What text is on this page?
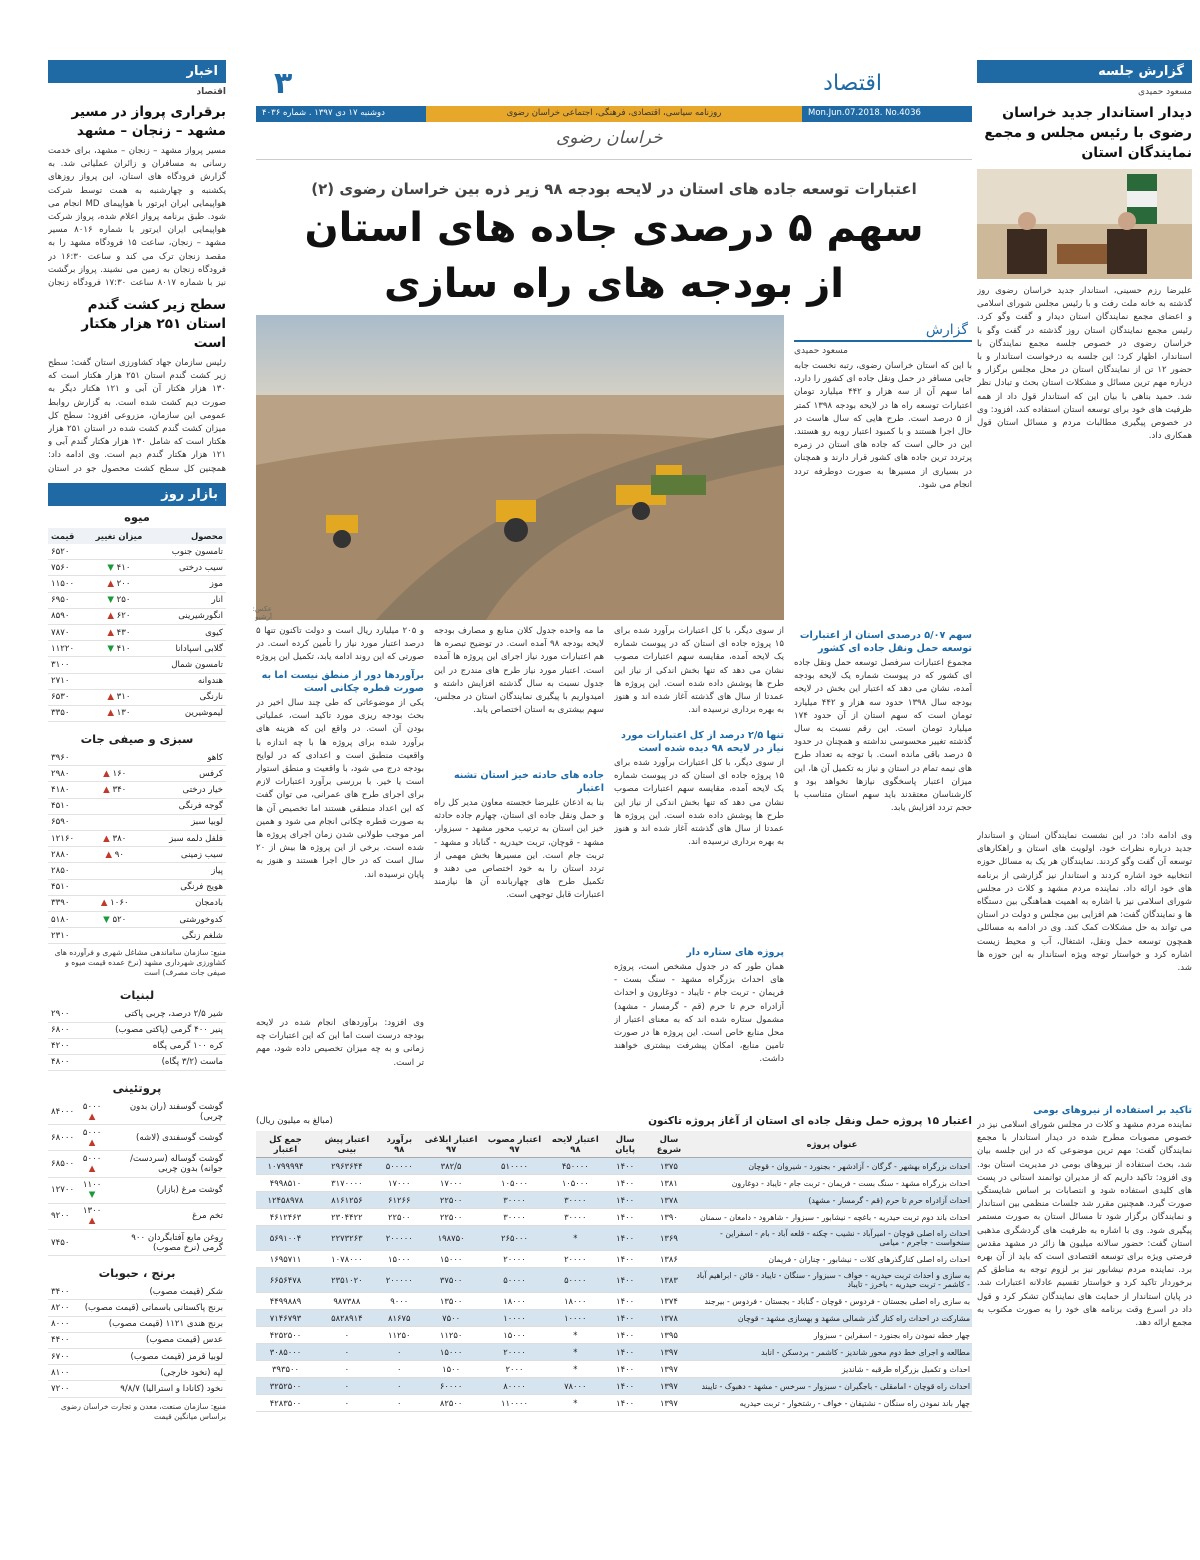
گزارش جلسه
مسعود حمیدی
دیدار استاندار جدید خراسان رضوی با رئیس مجلس و مجمع نمایندگان استان
علیرضا رزم حسینی، استاندار جدید خراسان رضوی روز گذشته به خانه ملت رفت و با رئیس مجلس شورای اسلامی و اعضای مجمع نمایندگان استان دیدار و گفت وگو کرد. رئیس مجمع نمایندگان استان روز گذشته در گفت وگو با خراسان رضوی در خصوص جلسه مجمع نمایندگان با استاندار، اظهار کرد: این جلسه به درخواست استاندار و با حضور ۱۲ تن از نمایندگان استان در محل مجلس برگزار و درباره مهم ترین مسائل و مشکلات استان بحث و تبادل نظر شد. حمید بناهی با بیان این که استاندار قول داد از همه ظرفیت های خود برای توسعه استان استفاده کند، افزود: وی در خصوص پیگیری مطالبات مردم و مسائل استان قول همکاری داد.
وی ادامه داد: در این نشست نمایندگان استان و استاندار جدید درباره نظرات خود، اولویت های استان و راهکارهای توسعه آن گفت وگو کردند. نمایندگان هر یک به مسائل حوزه انتخابیه خود اشاره کردند و استاندار نیز گزارشی از برنامه های خود ارائه داد. نماینده مردم مشهد و کلات در مجلس شورای اسلامی نیز با اشاره به اهمیت هماهنگی بین دستگاه ها و نمایندگان گفت: هم افزایی بین مجلس و دولت در استان می تواند به حل مشکلات کمک کند. وی در ادامه به مسائلی همچون توسعه حمل ونقل، اشتغال، آب و محیط زیست اشاره کرد و خواستار توجه ویژه استاندار به این حوزه ها شد.
تاکید بر استفاده از نیروهای بومی
نماینده مردم مشهد و کلات در مجلس شورای اسلامی نیز در خصوص مصوبات مطرح شده در دیدار استاندار با مجمع نمایندگان گفت: مهم ترین موضوعی که در این جلسه بیان شد، بحث استفاده از نیروهای بومی در مدیریت استان بود. وی افزود: تاکید داریم که از مدیران توانمند استانی در پست های کلیدی استفاده شود و انتصابات بر اساس شایستگی صورت گیرد. همچنین مقرر شد جلسات منظمی بین استاندار و نمایندگان برگزار شود تا مسائل استان به صورت مستمر پیگیری شود. وی با اشاره به ظرفیت های گردشگری مذهبی استان گفت: حضور سالانه میلیون ها زائر در مشهد مقدس فرصتی ویژه برای توسعه اقتصادی است که باید از آن بهره برد. نماینده مردم نیشابور نیز بر لزوم توجه به مناطق کم برخوردار تاکید کرد و خواستار تقسیم عادلانه اعتبارات شد. در پایان استاندار از حمایت های نمایندگان تشکر کرد و قول داد در اسرع وقت برنامه های خود را به صورت مکتوب به مجمع ارائه دهد.
اخبار
اقتصاد
برقراری پرواز در مسیر مشهد – زنجان – مشهد
مسیر پرواز مشهد – زنجان – مشهد، برای خدمت رسانی به مسافران و زائران عملیاتی شد. به گزارش فرودگاه های استان، این پرواز روزهای یکشنبه و چهارشنبه به همت توسط شرکت هواپیمایی ایران ایرتور با هواپیمای MD انجام می شود. طبق برنامه پرواز اعلام شده، پرواز شرکت هواپیمایی ایران ایرتور با شماره ۸۰۱۶ مسیر مشهد – زنجان، ساعت ۱۵ فرودگاه مشهد را به مقصد زنجان ترک می کند و ساعت ۱۶:۳۰ در فرودگاه زنجان به زمین می نشیند. پرواز برگشت نیز با شماره ۸۰۱۷ ساعت ۱۷:۳۰ فرودگاه زنجان
سطح زیر کشت گندم استان ۲۵۱ هزار هکتار است
رئیس سازمان جهاد کشاورزی استان گفت: سطح زیر کشت گندم استان ۲۵۱ هزار هکتار است که ۱۳۰ هزار هکتار آن آبی و ۱۲۱ هکتار دیگر به صورت دیم کشت شده است. به گزارش روابط عمومی این سازمان، مزروعی افزود: سطح کل میزان کشت گندم کشت شده در استان ۲۵۱ هزار هکتار است که شامل ۱۳۰ هزار هکتار گندم آبی و ۱۲۱ هزار هکتار گندم دیم است. وی ادامه داد: همچنین کل سطح کشت محصول جو در استان
بازار روز
میوه
محصول	میزان تغییر	قیمت
تامسون جنوب		۶۵۲۰
سیب درختی	۴۱۰ ▼	۷۵۶۰
موز	۲۰۰ ▲	۱۱۵۰۰
انار	۲۵۰ ▼	۶۹۵۰
انگورشیرینی	۶۲۰ ▲	۸۵۹۰
کیوی	۴۳۰ ▲	۷۸۷۰
گلابی اسپادانا	۴۱۰ ▼	۱۱۲۲۰
تامسون شمال		۳۱۰۰
هندوانه		۲۷۱۰
نارنگی	۳۱۰ ▲	۶۵۳۰
لیموشیرین	۱۳۰ ▲	۳۳۵۰
سبزی و صیفی جات
کاهو		۳۹۶۰
کرفس	۱۶۰ ▲	۲۹۸۰
خیار درختی	۳۴۰ ▲	۴۱۸۰
گوجه فرنگی		۴۵۱۰
لوبیا سبز		۶۵۹۰
فلفل دلمه سبز	۳۸۰ ▲	۱۲۱۶۰
سیب زمینی	۹۰ ▲	۲۸۸۰
پیاز		۲۸۵۰
هویج فرنگی		۴۵۱۰
بادمجان	۱۰۶۰ ▲	۳۳۹۰
کدوخورشتی	۵۲۰ ▼	۵۱۸۰
شلغم زنگی		۲۳۱۰
منبع: سازمان ساماندهی مشاغل شهری و فرآورده های کشاورزی شهرداری مشهد (نرخ عمده قیمت میوه و صیفی جات مصرف) است
لبنیات
شیر ۲/۵ درصد، چربی پاکتی		۲۹۰۰
پنیر ۴۰۰ گرمی (پاکتی مصوب)		۶۸۰۰
کره ۱۰۰ گرمی پگاه		۴۲۰۰
ماست (۳/۲ پگاه)		۴۸۰۰
پروتئینی
گوشت گوسفند (ران بدون چربی)	۵۰۰۰ ▲	۸۴۰۰۰
گوشت گوسفندی (لاشه)	۵۰۰۰ ▲	۶۸۰۰۰
گوشت گوساله (سردست/ جوانه) بدون چربی	۵۰۰۰ ▲	۶۸۵۰۰
گوشت مرغ (بازار)	۱۱۰۰ ▼	۱۲۷۰۰
تخم مرغ	۱۳۰۰ ▲	۹۲۰۰
روغن مایع آفتابگردان ۹۰۰ گرمی (نرخ مصوب)		۷۴۵۰
برنج ، حبوبات
شکر (قیمت مصوب)		۳۴۰۰
برنج پاکستانی باسماتی (قیمت مصوب)		۸۲۰۰
برنج هندی ۱۱۲۱ (قیمت مصوب)		۸۰۰۰
عدس (قیمت مصوب)		۴۴۰۰
لوبیا قرمز (قیمت مصوب)		۶۷۰۰
لپه (نخود خارجی)		۸۱۰۰
نخود (کانادا و استرالیا) ۹/۸/۷		۷۲۰۰
منبع: سازمان صنعت، معدن و تجارت خراسان رضوی براساس میانگین قیمت
اقتصاد
۳
Mon.Jun.07.2018. No.4036
روزنامه سیاسی، اقتصادی، فرهنگی، اجتماعی خراسان رضوی
دوشنبه ۱۷ دی ۱۳۹۷ . شماره ۴۰۳۶
خراسان رضوی
اعتبارات توسعه جاده های استان در لایحه بودجه ۹۸ زیر ذره بین خراسان رضوی (۲)
سهم ۵ درصدی جاده های استان
از بودجه های راه سازی
گزارش
مسعود حمیدی
با این که استان خراسان رضوی، رتبه نخست جابه جایی مسافر در حمل ونقل جاده ای کشور را دارد، اما سهم آن از سه هزار و ۴۴۲ میلیارد تومان اعتبارات توسعه راه ها در لایحه بودجه ۱۳۹۸ کمتر از ۵ درصد است. طرح هایی که سال هاست در حال اجرا هستند و با کمبود اعتبار روبه رو هستند. این در حالی است که جاده های استان در زمره پرتردد ترین جاده های کشور قرار دارند و همچنان در بسیاری از مسیرها به صورت دوطرفه تردد انجام می شود.
عکس: آرشیو
سهم ۵/۰۷ درصدی استان از اعتبارات توسعه حمل ونقل جاده ای کشور
مجموع اعتبارات سرفصل توسعه حمل ونقل جاده ای کشور که در پیوست شماره یک لایحه بودجه آمده، نشان می دهد که اعتبار این بخش در لایحه بودجه سال ۱۳۹۸ حدود سه هزار و ۴۴۲ میلیارد تومان است که سهم استان از آن حدود ۱۷۴ میلیارد تومان است. این رقم نسبت به سال گذشته تغییر محسوسی نداشته و همچنان در حدود ۵ درصد باقی مانده است. با توجه به تعداد طرح های نیمه تمام در استان و نیاز به تکمیل آن ها، این میزان اعتبار پاسخگوی نیازها نخواهد بود و کارشناسان معتقدند باید سهم استان متناسب با حجم تردد افزایش یابد.
از سوی دیگر، با کل اعتبارات برآورد شده برای ۱۵ پروژه جاده ای استان که در پیوست شماره یک لایحه آمده، مقایسه سهم اعتبارات مصوب نشان می دهد که تنها بخش اندکی از نیاز این طرح ها پوشش داده شده است. این پروژه ها عمدتا از سال های گذشته آغاز شده اند و هنوز به بهره برداری نرسیده اند.
تنها ۲/۵ درصد از کل اعتبارات مورد نیاز در لایحه ۹۸ دیده شده است
از سوی دیگر، با کل اعتبارات برآورد شده برای ۱۵ پروژه جاده ای استان که در پیوست شماره یک لایحه آمده، مقایسه سهم اعتبارات مصوب نشان می دهد که تنها بخش اندکی از نیاز این طرح ها پوشش داده شده است. این پروژه ها عمدتا از سال های گذشته آغاز شده اند و هنوز به بهره برداری نرسیده اند.
پروژه های ستاره دار
همان طور که در جدول مشخص است، پروژه های احداث بزرگراه مشهد - سنگ بست - فریمان - تربت جام - تایباد - دوغارون و احداث آزادراه حرم تا حرم (قم - گرمسار - مشهد) مشمول ستاره شده اند که به معنای اعتبار از محل منابع خاص است. این پروژه ها در صورت تامین منابع، امکان پیشرفت بیشتری خواهند داشت.
ما مه واحده جدول کلان منابع و مصارف بودجه لایحه بودجه ۹۸ آمده است. در توضیح تبصره ها هم اعتبارات مورد نیاز اجرای این پروژه ها آمده است. اعتبار مورد نیاز طرح های مندرج در این جدول نسبت به سال گذشته افزایش داشته و امیدواریم با پیگیری نمایندگان استان در مجلس، سهم بیشتری به استان اختصاص یابد.
جاده های حادثه خیز استان تشنه اعتبار
بنا به اذعان علیرضا خجسته معاون مدیر کل راه و حمل ونقل جاده ای استان، چهارم جاده حادثه خیز این استان به ترتیب محور مشهد - سبزوار، مشهد - قوچان، تربت حیدریه - گناباد و مشهد - تربت جام است. این مسیرها بخش مهمی از تردد استان را به خود اختصاص می دهند و تکمیل طرح های چهاربانده آن ها نیازمند اعتبارات قابل توجهی است.
و ۲۰۵ میلیارد ریال است و دولت تاکنون تنها ۵ درصد اعتبار مورد نیاز را تأمین کرده است. در صورتی که این روند ادامه یابد، تکمیل این پروژه
برآوردها دور از منطق نیست اما به صورت قطره چکانی است
یکی از موضوعاتی که طی چند سال اخیر در بحث بودجه ریزی مورد تاکید است، عملیاتی بودن آن است. در واقع این که هزینه های برآورد شده برای پروژه ها با چه اندازه با واقعیت منطبق است و اعدادی که در لوایح بودجه درج می شود، با واقعیت و منطق استوار است یا خیر. با بررسی برآورد اعتبارات لازم برای اجرای طرح های عمرانی، می توان گفت که این اعداد منطقی هستند اما تخصیص آن ها به صورت قطره چکانی انجام می شود و همین امر موجب طولانی شدن زمان اجرای پروژه ها شده است. برخی از این پروژه ها بیش از ۲۰ سال است که در حال اجرا هستند و هنوز به پایان نرسیده اند.
وی افزود: برآوردهای انجام شده در لایحه بودجه درست است اما این که این اعتبارات چه زمانی و به چه میزان تخصیص داده شود، مهم تر است.
اعتبار ۱۵ پروژه حمل ونقل جاده ای استان از آغاز پروژه تاکنون
(مبالغ به میلیون ریال)
عنوان پروژه	سال شروع	سال پایان	اعتبار لایحه ۹۸	اعتبار مصوب ۹۷	اعتبار ابلاغی ۹۷	برآورد ۹۸	اعتبار پیش بینی	جمع کل اعتبار
احداث بزرگراه بهشهر - گرگان - آزادشهر - بجنورد - شیروان - قوچان	۱۳۷۵	۱۴۰۰	۴۵۰۰۰۰	۵۱۰۰۰۰	۳۸۲/۵	۵۰۰۰۰۰	۲۹۶۳۶۴۴	۱۰۷۹۹۹۹۴
احداث بزرگراه مشهد - سنگ بست - فریمان - تربت جام - تایباد - دوغارون	۱۳۸۱	۱۴۰۰	۱۰۵۰۰۰	۱۰۵۰۰۰	۱۷۰۰۰	۱۷۰۰۰	۳۱۷۰۰۰۰	۴۹۹۸۵۱۰
احداث آزادراه حرم تا حرم (قم - گرمسار - مشهد)	۱۳۷۸	۱۴۰۰	۳۰۰۰۰	۳۰۰۰۰	۲۲۵۰۰	۶۱۲۶۶	۸۱۶۱۲۵۶	۱۲۴۵۸۹۷۸
احداث باند دوم تربت حیدریه - باغچه - نیشابور - سبزوار - شاهرود - دامغان - سمنان	۱۳۹۰	۱۴۰۰	۳۰۰۰۰	۳۰۰۰۰	۲۲۵۰۰	۲۲۵۰۰	۲۳۰۴۴۲۲	۴۶۱۲۴۶۳
احداث راه اصلی قوچان - امیرآباد - نشیب - چکنه - قلعه آباد - بام - اسفراین - سنخواست - جاجرم - میامی	۱۳۶۹	۱۴۰۰	*	۲۶۵۰۰۰	۱۹۸۷۵۰	۲۰۰۰۰۰	۲۲۷۳۲۶۳	۵۶۹۱۰۰۴
احداث راه اصلی کنارگذرهای کلات - نیشابور - چناران - فریمان	۱۳۸۶	۱۴۰۰	۲۰۰۰۰	۲۰۰۰۰	۱۵۰۰۰	۱۵۰۰۰	۱۰۷۸۰۰۰	۱۶۹۵۷۱۱
به سازی و احداث تربت حیدریه - خواف - سبزوار - سنگان - تایباد - قائن - ابراهیم آباد - کاشمر - تربت حیدریه - باخرز - تایباد	۱۳۸۳	۱۴۰۰	۵۰۰۰۰	۵۰۰۰۰	۳۷۵۰۰	۲۰۰۰۰۰	۲۳۵۱۰۲۰	۶۶۵۶۴۷۸
به سازی راه اصلی بجستان - فردوس - قوچان - گناباد - بجستان - فردوس - بیرجند	۱۳۷۴	۱۴۰۰	۱۸۰۰۰	۱۸۰۰۰	۱۳۵۰۰	۹۰۰۰	۹۸۷۳۸۸	۴۴۹۹۸۸۹
مشارکت در احداث راه کنار گذر شمالی مشهد و بهسازی مشهد - قوچان	۱۳۷۸	۱۴۰۰	۱۰۰۰۰	۱۰۰۰۰	۷۵۰۰	۸۱۶۷۵	۵۸۲۸۹۱۴	۷۱۴۶۷۹۳
چهار خطه نمودن راه بجنورد - اسفراین - سبزوار	۱۳۹۵	۱۴۰۰	*	۱۵۰۰۰	۱۱۲۵۰	۱۱۲۵۰	۰	۴۲۵۲۵۰۰
مطالعه و اجرای خط دوم محور شاندیز - کاشمر - بردسکن - انابد	۱۳۹۷	۱۴۰۰	*	۲۰۰۰۰	۱۵۰۰۰	۰	۰	۳۰۸۵۰۰۰
احداث و تکمیل بزرگراه طرقبه - شاندیز	۱۳۹۷	۱۴۰۰	*	۲۰۰۰	۱۵۰۰	۰	۰	۳۹۳۵۰۰
احداث راه قوچان - امامقلی - باجگیران - سبزوار - سرخس - مشهد - دهبوک - تایبند	۱۳۹۷	۱۴۰۰	۷۸۰۰۰	۸۰۰۰۰	۶۰۰۰۰	۰	۰	۳۲۵۲۵۰۰
چهار باند نمودن راه سنگان - نشتیفان - خواف - رشتخوار - تربت حیدریه	۱۳۹۷	۱۴۰۰	*	۱۱۰۰۰۰	۸۲۵۰۰	۰	۰	۴۲۸۳۵۰۰
